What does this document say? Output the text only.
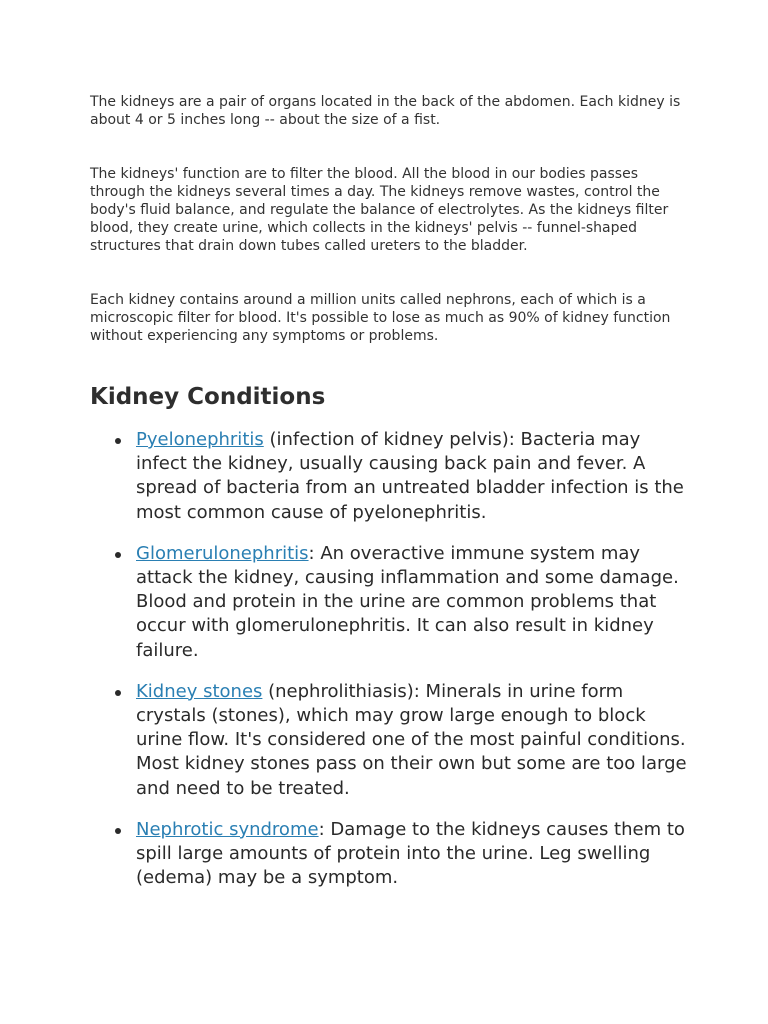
The kidneys are a pair of organs located in the back of the abdomen. Each kidney is about 4 or 5 inches long -- about the size of a fist.

The kidneys' function are to filter the blood. All the blood in our bodies passes through the kidneys several times a day. The kidneys remove wastes, control the body's fluid balance, and regulate the balance of electrolytes. As the kidneys filter blood, they create urine, which collects in the kidneys' pelvis -- funnel-shaped structures that drain down tubes called ureters to the bladder.

Each kidney contains around a million units called nephrons, each of which is a microscopic filter for blood. It's possible to lose as much as 90% of kidney function without experiencing any symptoms or problems.

Kidney Conditions
Pyelonephritis (infection of kidney pelvis): Bacteria may infect the kidney, usually causing back pain and fever. A spread of bacteria from an untreated bladder infection is the most common cause of pyelonephritis.
Glomerulonephritis: An overactive immune system may attack the kidney, causing inflammation and some damage. Blood and protein in the urine are common problems that occur with glomerulonephritis. It can also result in kidney failure.
Kidney stones (nephrolithiasis): Minerals in urine form crystals (stones), which may grow large enough to block urine flow. It's considered one of the most painful conditions. Most kidney stones pass on their own but some are too large and need to be treated.
Nephrotic syndrome: Damage to the kidneys causes them to spill large amounts of protein into the urine. Leg swelling (edema) may be a symptom.
